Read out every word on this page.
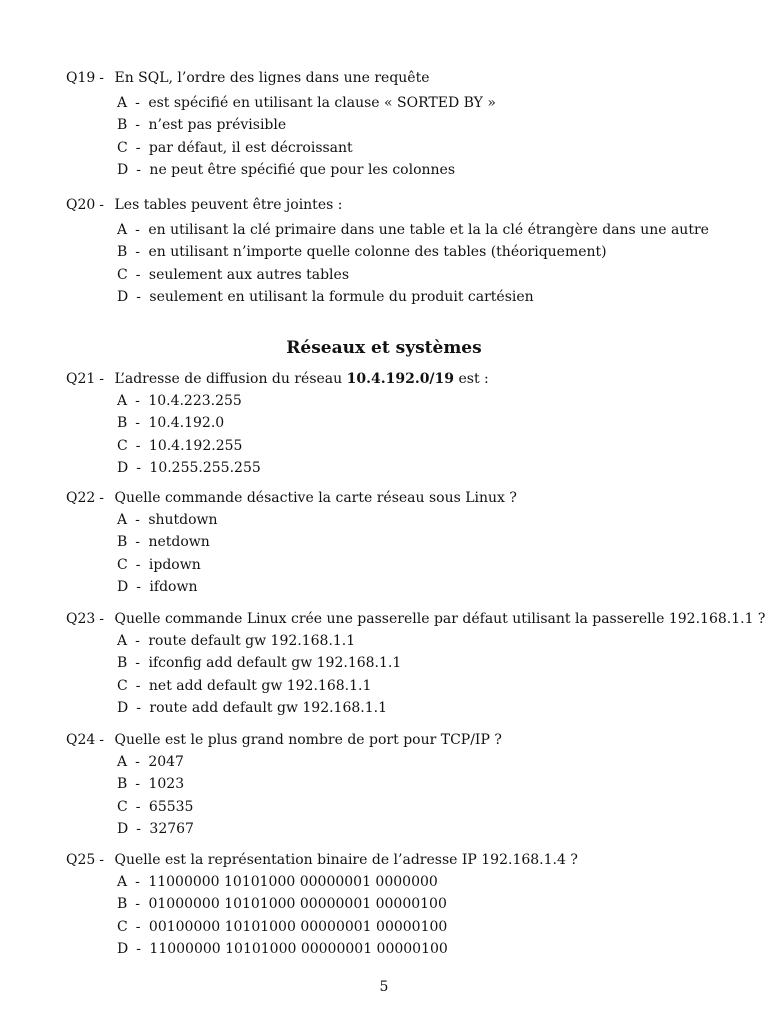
Q19 - En SQL, l’ordre des lignes dans une requête
A - est spécifié en utilisant la clause « SORTED BY »
B - n’est pas prévisible
C - par défaut, il est décroissant
D - ne peut être spécifié que pour les colonnes
Q20 - Les tables peuvent être jointes :
A - en utilisant la clé primaire dans une table et la la clé étrangère dans une autre
B - en utilisant n’importe quelle colonne des tables (théoriquement)
C - seulement aux autres tables
D - seulement en utilisant la formule du produit cartésien
Réseaux et systèmes
Q21 - L’adresse de diffusion du réseau 10.4.192.0/19 est :
A - 10.4.223.255
B - 10.4.192.0
C - 10.4.192.255
D - 10.255.255.255
Q22 - Quelle commande désactive la carte réseau sous Linux ?
A - shutdown
B - netdown
C - ipdown
D - ifdown
Q23 - Quelle commande Linux crée une passerelle par défaut utilisant la passerelle 192.168.1.1 ?
A - route default gw 192.168.1.1
B - ifconfig add default gw 192.168.1.1
C - net add default gw 192.168.1.1
D - route add default gw 192.168.1.1
Q24 - Quelle est le plus grand nombre de port pour TCP/IP ?
A - 2047
B - 1023
C - 65535
D - 32767
Q25 - Quelle est la représentation binaire de l’adresse IP 192.168.1.4 ?
A - 11000000 10101000 00000001 0000000
B - 01000000 10101000 00000001 00000100
C - 00100000 10101000 00000001 00000100
D - 11000000 10101000 00000001 00000100
5
